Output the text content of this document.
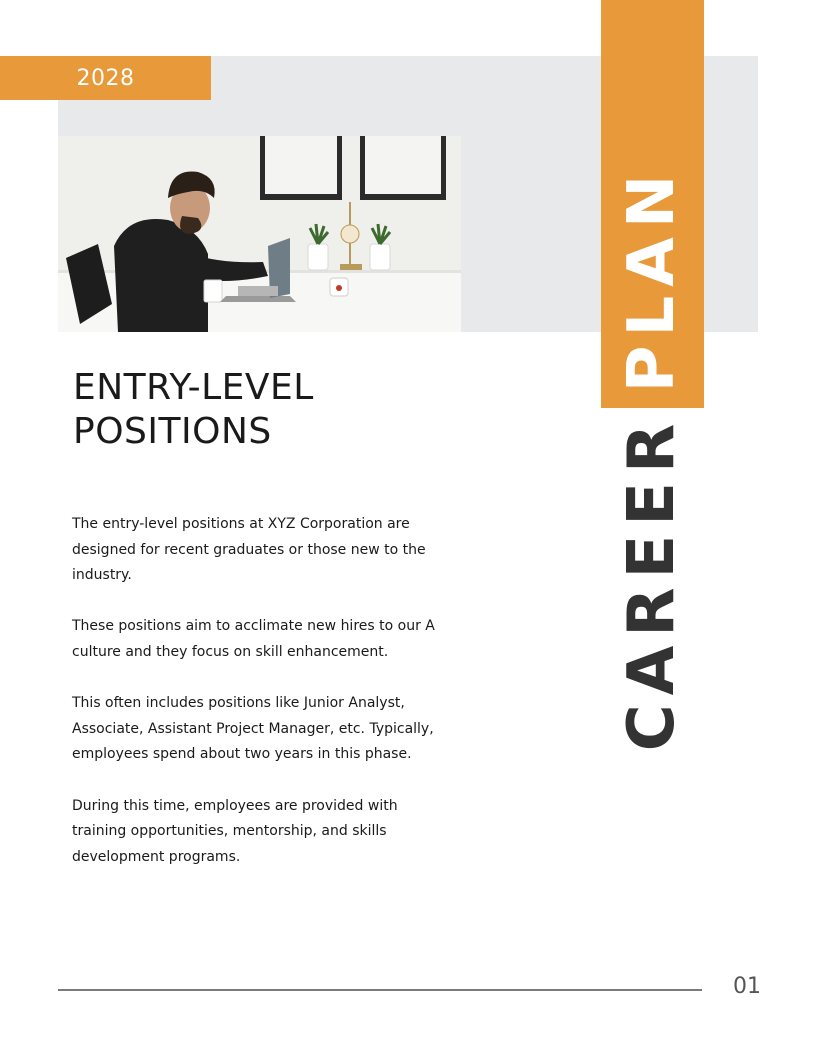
2028
PLAN
CAREER
ENTRY-LEVEL
POSITIONS

The entry-level positions at XYZ Corporation are designed for recent graduates or those new to the industry.

These positions aim to acclimate new hires to our A culture and they focus on skill enhancement.

This often includes positions like Junior Analyst, Associate, Assistant Project Manager, etc. Typically, employees spend about two years in this phase.

During this time, employees are provided with training opportunities, mentorship, and skills development programs.

01
